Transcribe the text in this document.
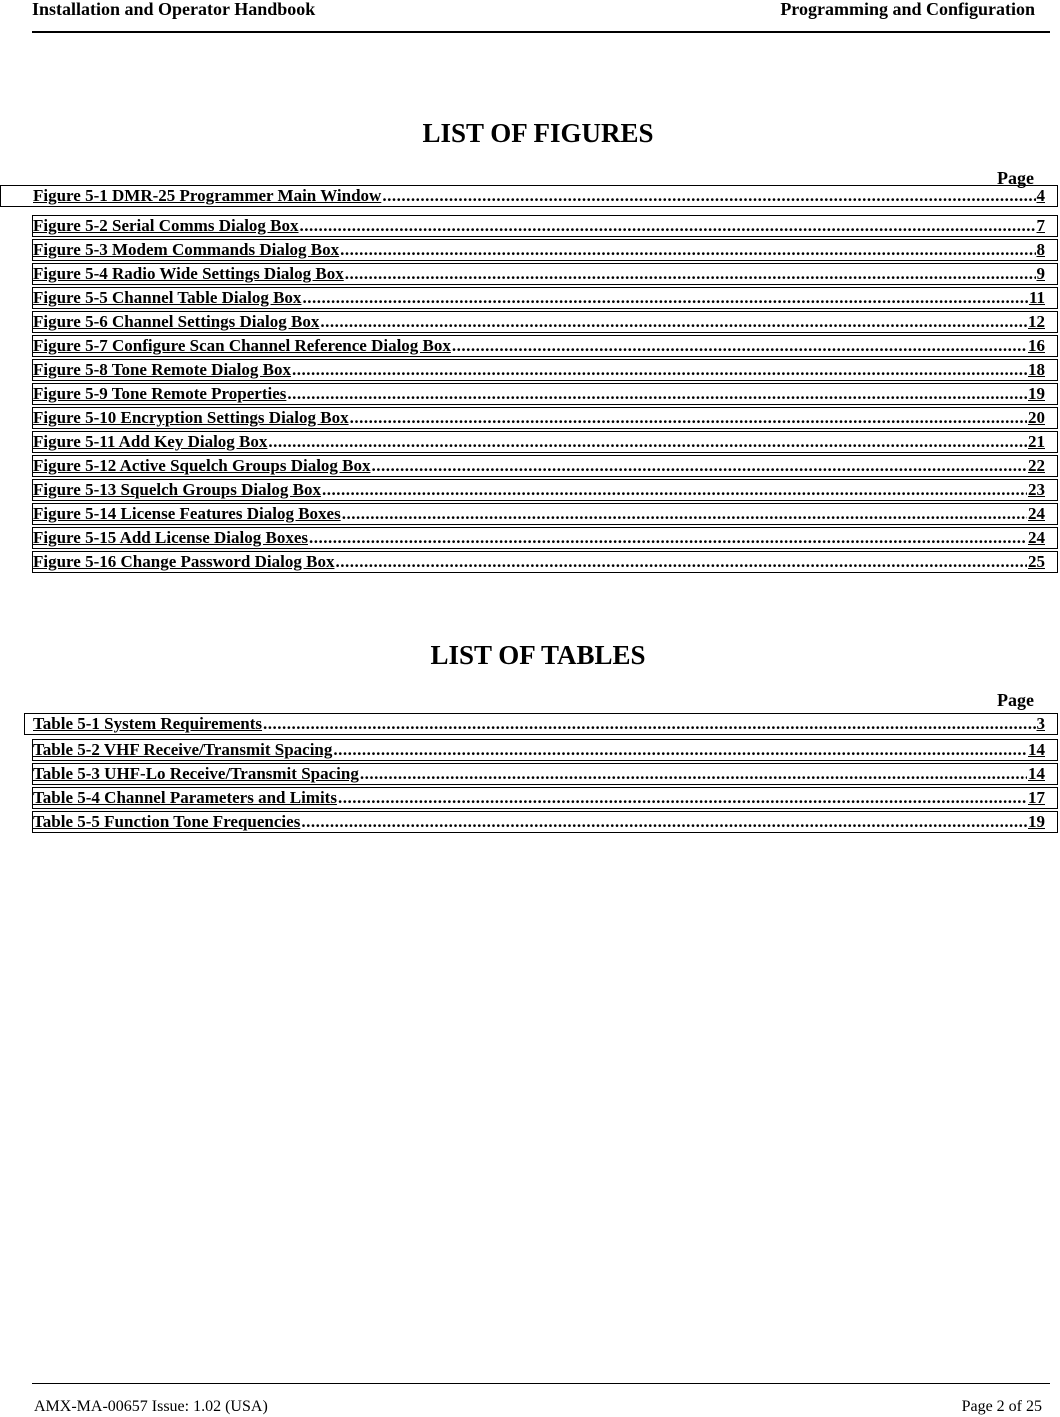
Installation and Operator Handbook	Programming and Configuration
LIST OF FIGURES
Page
Figure 5-1 DMR-25 Programmer Main Window .....	4
Figure 5-2 Serial Comms Dialog Box .....	7
Figure 5-3 Modem Commands Dialog Box .....	8
Figure 5-4 Radio Wide Settings Dialog Box .....	9
Figure 5-5 Channel Table Dialog Box .....	11
Figure 5-6 Channel Settings Dialog Box .....	12
Figure 5-7 Configure Scan Channel Reference Dialog Box .....	16
Figure 5-8 Tone Remote Dialog Box .....	18
Figure 5-9 Tone Remote Properties .....	19
Figure 5-10 Encryption Settings Dialog Box .....	20
Figure 5-11 Add Key Dialog Box .....	21
Figure 5-12 Active Squelch Groups Dialog Box .....	22
Figure 5-13 Squelch Groups Dialog Box .....	23
Figure 5-14 License Features Dialog Boxes .....	24
Figure 5-15 Add License Dialog Boxes .....	24
Figure 5-16 Change Password Dialog Box .....	25
LIST OF TABLES
Page
Table 5-1 System Requirements .....	3
Table 5-2 VHF Receive/Transmit Spacing .....	14
Table 5-3 UHF-Lo Receive/Transmit Spacing .....	14
Table 5-4 Channel Parameters and Limits .....	17
Table 5-5 Function Tone Frequencies .....	19
AMX-MA-00657 Issue: 1.02 (USA)	Page 2 of 25
